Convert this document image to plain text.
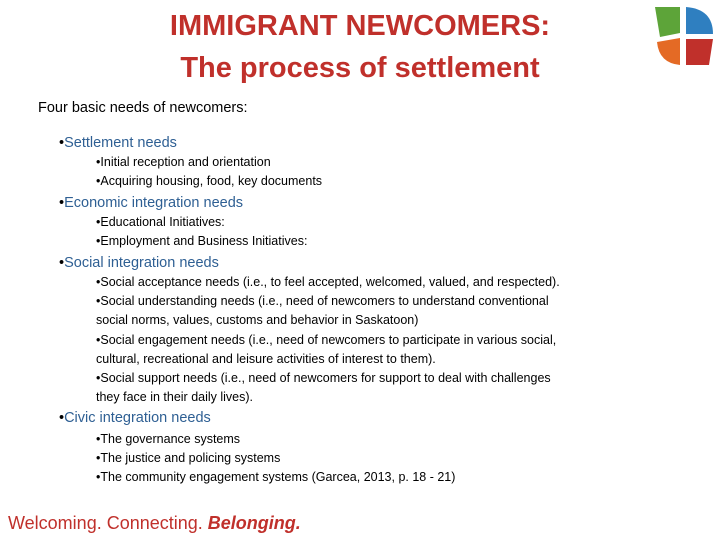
IMMIGRANT NEWCOMERS:
The process of settlement
Four basic needs of newcomers:
•Settlement needs
•Initial reception and orientation
•Acquiring housing, food, key documents
•Economic integration needs
•Educational Initiatives:
•Employment and Business Initiatives:
•Social integration needs
•Social acceptance needs (i.e., to feel accepted, welcomed, valued, and respected).
•Social understanding needs (i.e., need of newcomers to understand conventional
social norms, values, customs and behavior in Saskatoon)
•Social engagement needs (i.e., need of newcomers to participate in various social,
cultural, recreational and leisure activities of interest to them).
•Social support needs (i.e., need of newcomers for support to deal with challenges
they face in their daily lives).
•Civic integration needs
•The governance systems
•The justice and policing systems
•The community engagement systems (Garcea, 2013, p. 18 - 21)
Welcoming. Connecting. Belonging.
